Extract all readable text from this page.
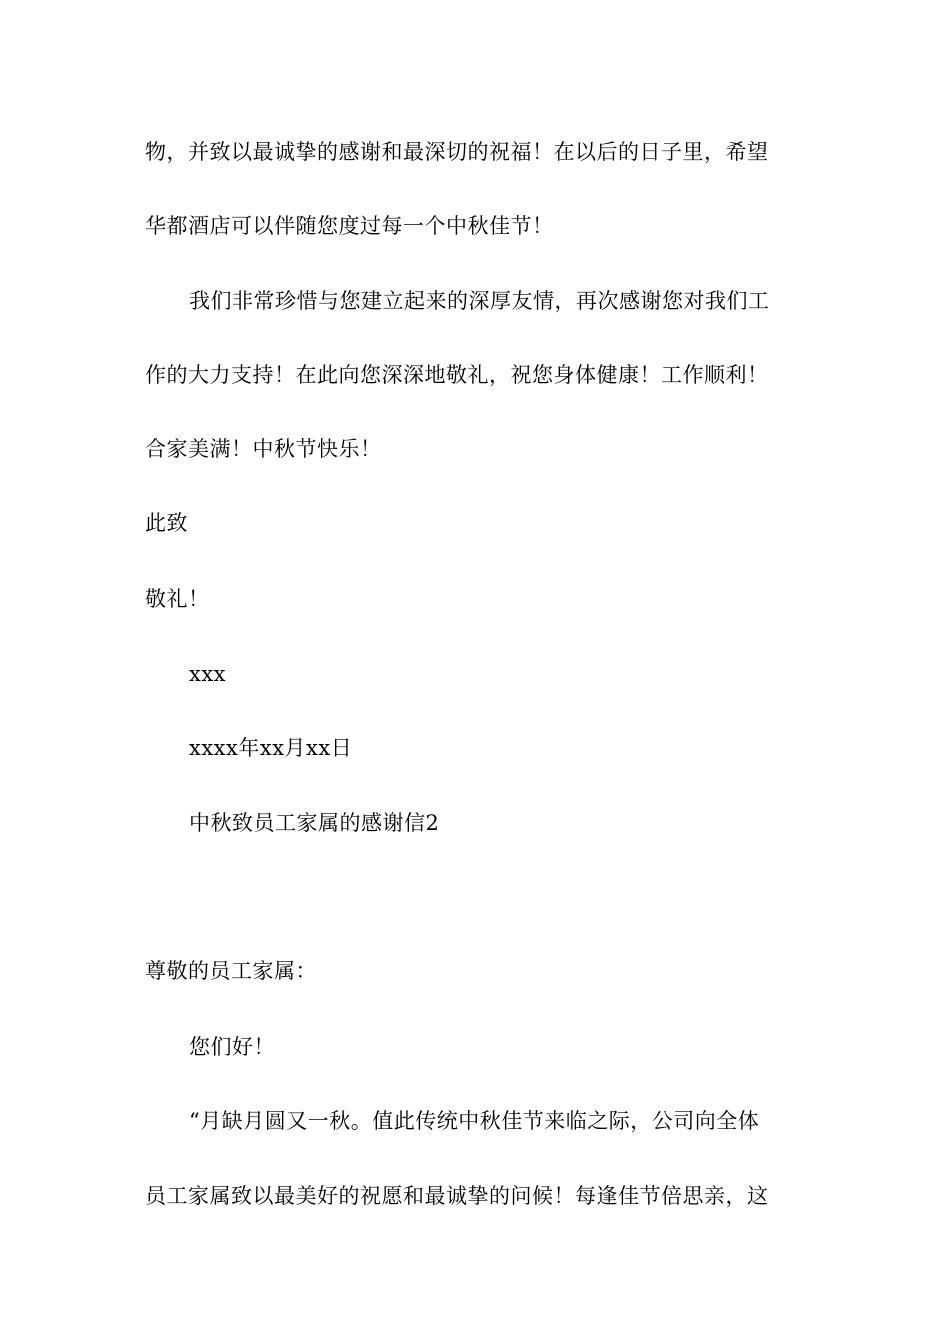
物，并致以最诚挚的感谢和最深切的祝福！在以后的日子里，希望
华都酒店可以伴随您度过每一个中秋佳节！
我们非常珍惜与您建立起来的深厚友情，再次感谢您对我们工
作的大力支持！在此向您深深地敬礼，祝您身体健康！工作顺利！
合家美满！中秋节快乐！
此致
敬礼！
xxx
xxxx年xx月xx日
中秋致员工家属的感谢信2
尊敬的员工家属：
您们好！
“月缺月圆又一秋。值此传统中秋佳节来临之际，公司向全体
员工家属致以最美好的祝愿和最诚挚的问候！每逢佳节倍思亲，这
